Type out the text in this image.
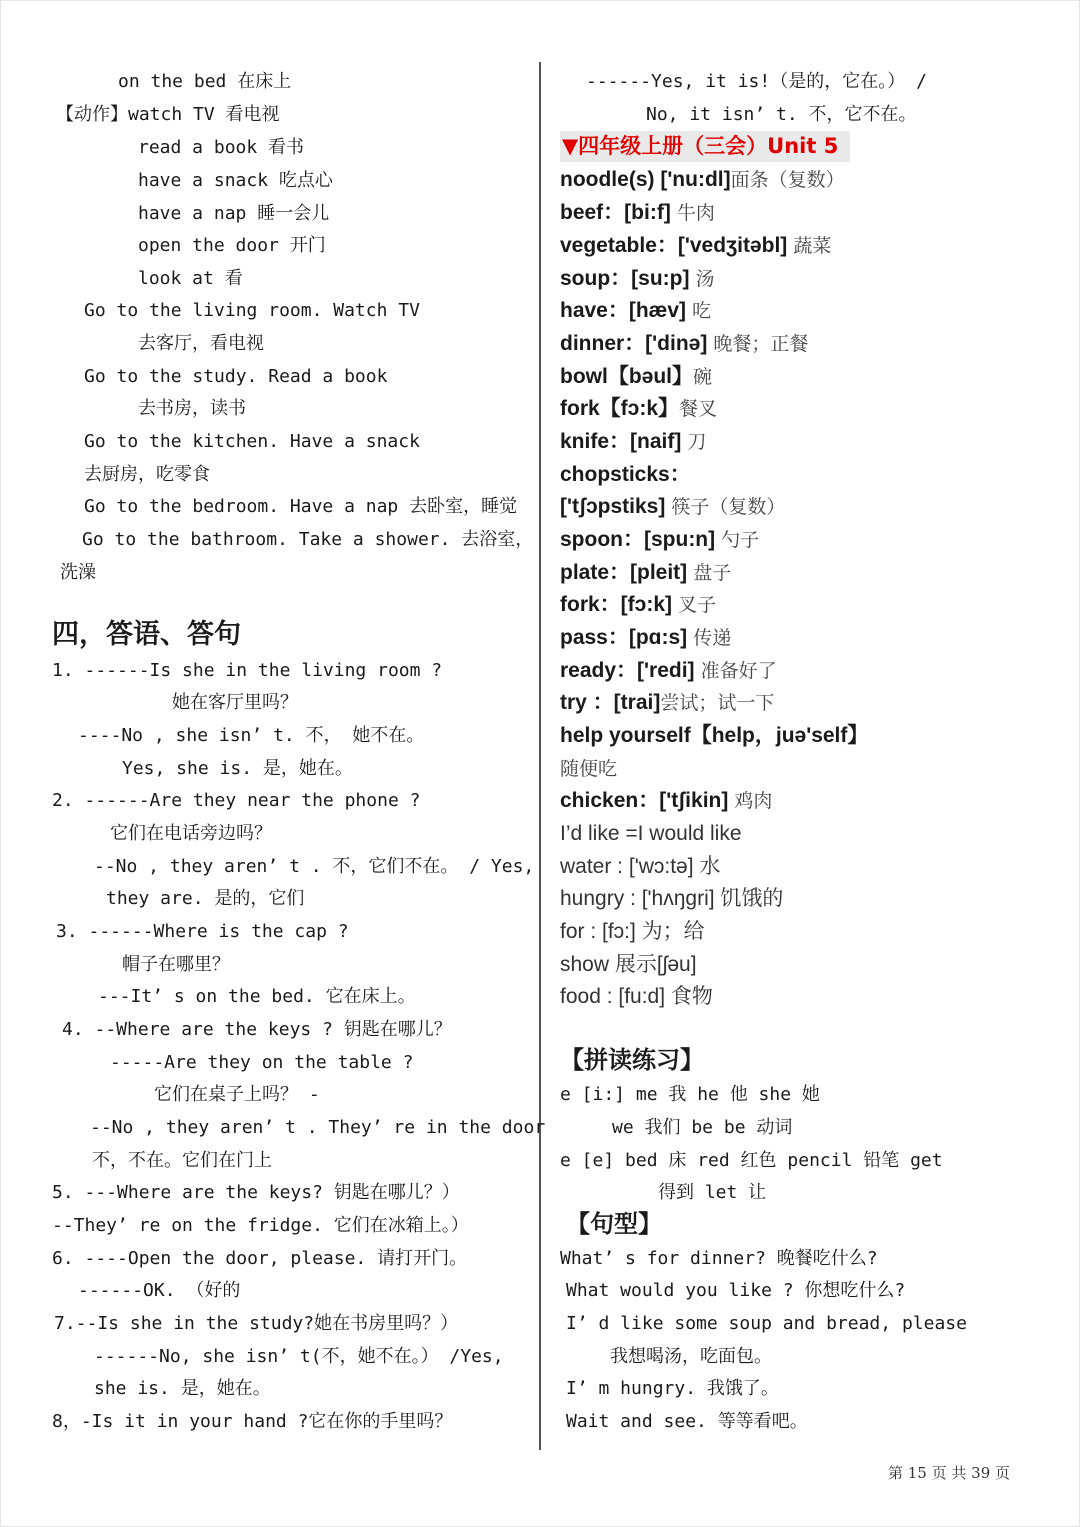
on the bed 在床上
【动作】watch TV 看电视
read a book 看书
have a snack 吃点心
have a nap 睡一会儿
open the door 开门
look at 看
Go to the living room. Watch TV
去客厅，看电视
Go to the study. Read a book
去书房，读书
Go to the kitchen. Have a snack
去厨房，吃零食
Go to the bedroom. Have a nap 去卧室，睡觉
Go to the bathroom. Take a shower. 去浴室，
洗澡
四，答语、答句
1. ------Is she in the living room ?
她在客厅里吗？
----No , she isn’ t. 不， 她不在。
Yes, she is. 是，她在。
2. ------Are they near the phone ?
它们在电话旁边吗？
--No , they aren’ t . 不，它们不在。 / Yes,
they are. 是的，它们
3. ------Where is the cap ?
帽子在哪里？
---It’ s on the bed. 它在床上。
4. --Where are the keys ? 钥匙在哪儿？
-----Are they on the table ?
它们在桌子上吗？ -
--No , they aren’ t . They’ re in the door
不，不在。它们在门上
5. ---Where are the keys? 钥匙在哪儿？）
--They’ re on the fridge. 它们在冰箱上。）
6. ----Open the door, please. 请打开门。
------OK. （好的
7.--Is she in the study?她在书房里吗？）
------No, she isn’ t(不，她不在。） /Yes,
she is. 是，她在。
8，-Is it in your hand ?它在你的手里吗？
------Yes, it is!（是的，它在。） /
No, it isn’ t. 不，它不在。
▼四年级上册（三会）Unit 5
noodle(s) ['nu:dl]面条（复数）
beef：[bi:f] 牛肉
vegetable：['vedʒitəbl] 蔬菜
soup：[su:p] 汤
have：[hæv] 吃
dinner：['dinə] 晚餐；正餐
bowl【bəul】碗
fork【fɔ:k】餐叉
knife：[naif] 刀
chopsticks：
['tʃɔpstiks] 筷子（复数）
spoon：[spu:n] 勺子
plate：[pleit] 盘子
fork：[fɔ:k] 叉子
pass：[pɑ:s] 传递
ready：['redi] 准备好了
try ：[trai]尝试；试一下
help yourself【help，juə'self】
随便吃
chicken：['tʃikin] 鸡肉
I’d like =I would like
water : ['wɔ:tə] 水
hungry : ['hʌŋgri] 饥饿的
for : [fɔ:] 为；给
show 展示[ʃəu]
food : [fu:d] 食物
【拼读练习】
e [i:] me 我 he 他 she 她
we 我们 be be 动词
e [e] bed 床 red 红色 pencil 铅笔 get
得到 let 让
【句型】
What’ s for dinner? 晚餐吃什么?
What would you like ? 你想吃什么?
I’ d like some soup and bread, please
我想喝汤，吃面包。
I’ m hungry. 我饿了。
Wait and see. 等等看吧。
第 15 页 共 39 页
